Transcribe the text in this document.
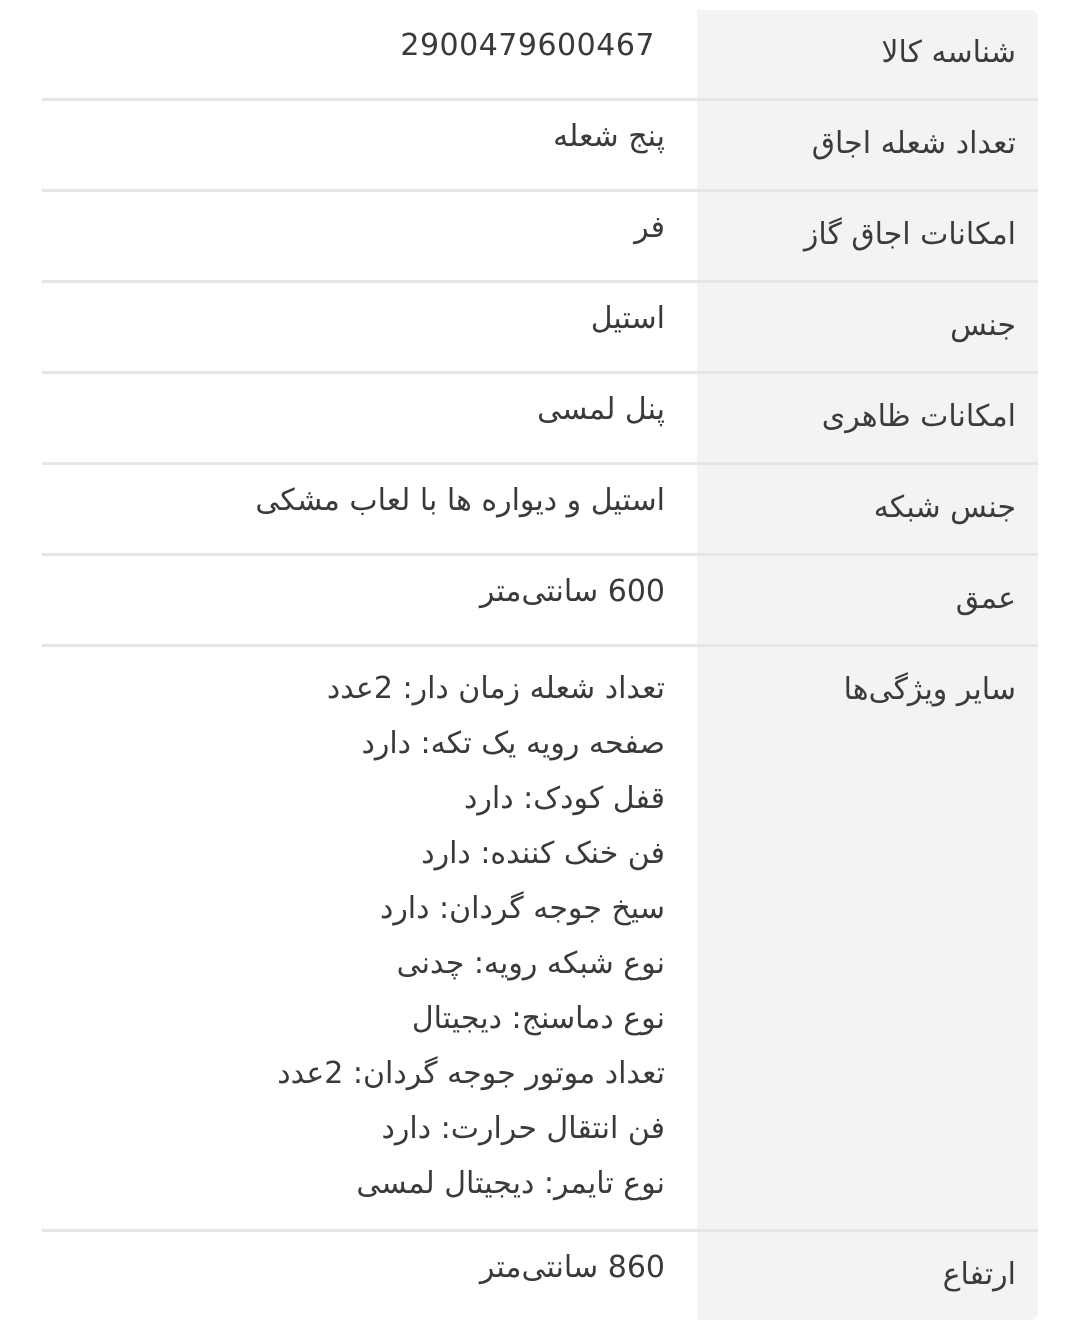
شناسه کالا
2900479600467
تعداد شعله اجاق
پنج شعله
امکانات اجاق گاز
فر
جنس
استیل
امکانات ظاهری
پنل لمسی
جنس شبکه
استیل و دیواره ها با لعاب مشکی
عمق
600 سانتی‌متر
سایر ویژگی‌ها
تعداد شعله زمان دار: 2عدد
صفحه رویه یک تکه: دارد
قفل کودک: دارد
فن خنک کننده: دارد
سیخ جوجه گردان: دارد
نوع شبکه رویه: چدنی
نوع دماسنج: دیجیتال
تعداد موتور جوجه گردان: 2عدد
فن انتقال حرارت: دارد
نوع تایمر: دیجیتال لمسی
ارتفاع
860 سانتی‌متر
